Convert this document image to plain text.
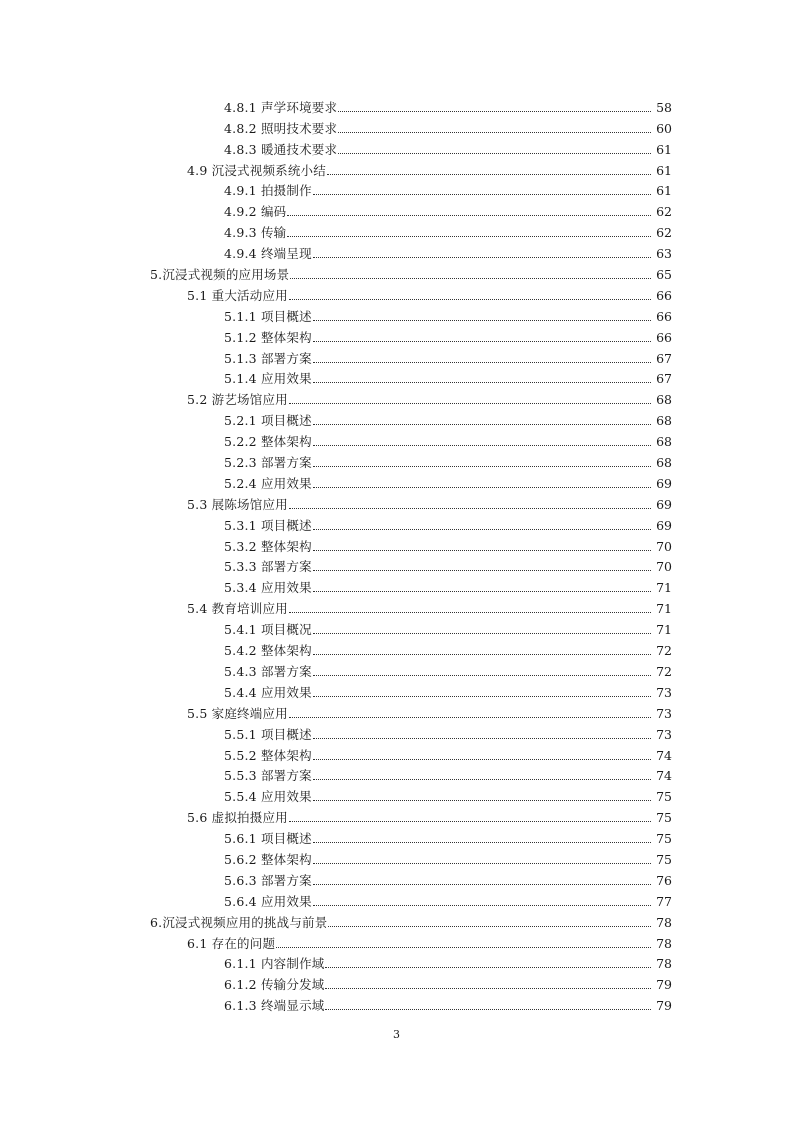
4.8.1 声学环境要求	58
4.8.2 照明技术要求	60
4.8.3 暖通技术要求	61
4.9 沉浸式视频系统小结	61
4.9.1 拍摄制作	61
4.9.2 编码	62
4.9.3 传输	62
4.9.4 终端呈现	63
5.沉浸式视频的应用场景	65
5.1 重大活动应用	66
5.1.1 项目概述	66
5.1.2 整体架构	66
5.1.3 部署方案	67
5.1.4 应用效果	67
5.2 游艺场馆应用	68
5.2.1 项目概述	68
5.2.2 整体架构	68
5.2.3 部署方案	68
5.2.4 应用效果	69
5.3 展陈场馆应用	69
5.3.1 项目概述	69
5.3.2 整体架构	70
5.3.3 部署方案	70
5.3.4 应用效果	71
5.4 教育培训应用	71
5.4.1 项目概况	71
5.4.2 整体架构	72
5.4.3 部署方案	72
5.4.4 应用效果	73
5.5 家庭终端应用	73
5.5.1 项目概述	73
5.5.2 整体架构	74
5.5.3 部署方案	74
5.5.4 应用效果	75
5.6 虚拟拍摄应用	75
5.6.1 项目概述	75
5.6.2 整体架构	75
5.6.3 部署方案	76
5.6.4 应用效果	77
6.沉浸式视频应用的挑战与前景	78
6.1 存在的问题	78
6.1.1 内容制作域	78
6.1.2 传输分发域	79
6.1.3 终端显示域	79
3
